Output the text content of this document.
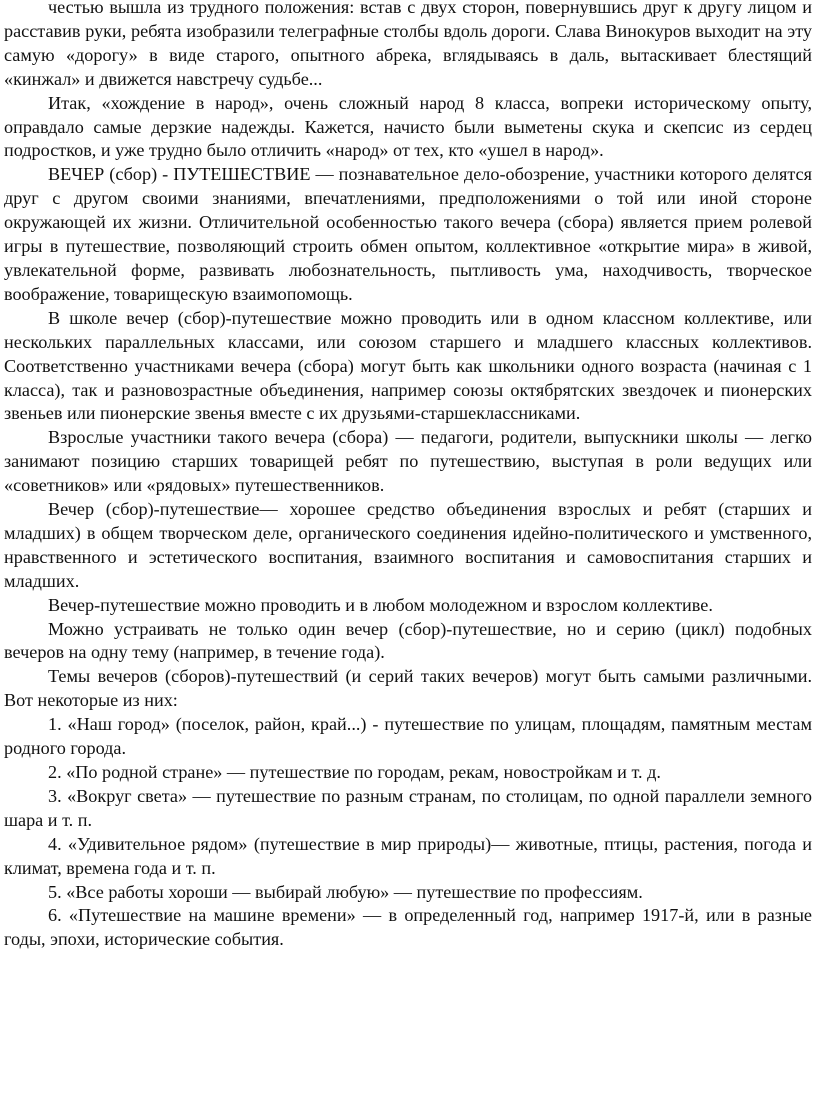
честью вышла из трудного положения: встав с двух сторон, повернувшись друг к другу лицом и расставив руки, ребята изобразили телеграфные столбы вдоль дороги. Слава Винокуров выходит на эту самую «дорогу» в виде старого, опытного абрека, вглядываясь в даль, вытаскивает блестящий «кинжал» и движется навстречу судьбе...

Итак, «хождение в народ», очень сложный народ 8 класса, вопреки историческому опыту, оправдало самые дерзкие надежды. Кажется, начисто были выметены скука и скепсис из сердец подростков, и уже трудно было отличить «народ» от тех, кто «ушел в народ».

ВЕЧЕР (сбор) - ПУТЕШЕСТВИЕ — познавательное дело-обозрение, участники которого делятся друг с другом своими знаниями, впечатлениями, предположениями о той или иной стороне окружающей их жизни. Отличительной особенностью такого вечера (сбора) является прием ролевой игры в путешествие, позволяющий строить обмен опытом, коллективное «открытие мира» в живой, увлекательной форме, развивать любознательность, пытливость ума, находчивость, творческое воображение, товарищескую взаимопомощь.

В школе вечер (сбор)-путешествие можно проводить или в одном классном коллективе, или нескольких параллельных классами, или союзом старшего и младшего классных коллективов. Соответственно участниками вечера (сбора) могут быть как школьники одного возраста (начиная с 1 класса), так и разновозрастные объединения, например союзы октябрятских звездочек и пионерских звеньев или пионерские звенья вместе с их друзьями-старшеклассниками.

Взрослые участники такого вечера (сбора) — педагоги, родители, выпускники школы — легко занимают позицию старших товарищей ребят по путешествию, выступая в роли ведущих или «советников» или «рядовых» путешественников.

Вечер (сбор)-путешествие— хорошее средство объединения взрослых и ребят (старших и младших) в общем творческом деле, органического соединения идейно-политического и умственного, нравственного и эстетического воспитания, взаимного воспитания и самовоспитания старших и младших.

Вечер-путешествие можно проводить и в любом молодежном и взрослом коллективе.

Можно устраивать не только один вечер (сбор)-путешествие, но и серию (цикл) подобных вечеров на одну тему (например, в течение года).

Темы вечеров (сборов)-путешествий (и серий таких вечеров) могут быть самыми различными. Вот некоторые из них:

1. «Наш город» (поселок, район, край...) - путешествие по улицам, площадям, памятным местам родного города.

2. «По родной стране» — путешествие по городам, рекам, новостройкам и т. д.

3. «Вокруг света» — путешествие по разным странам, по столицам, по одной параллели земного шара и т. п.

4. «Удивительное рядом» (путешествие в мир природы)— животные, птицы, растения, погода и климат, времена года и т. п.

5. «Все работы хороши — выбирай любую» — путешествие по профессиям.

6. «Путешествие на машине времени» — в определенный год, например 1917-й, или в разные годы, эпохи, исторические события.
